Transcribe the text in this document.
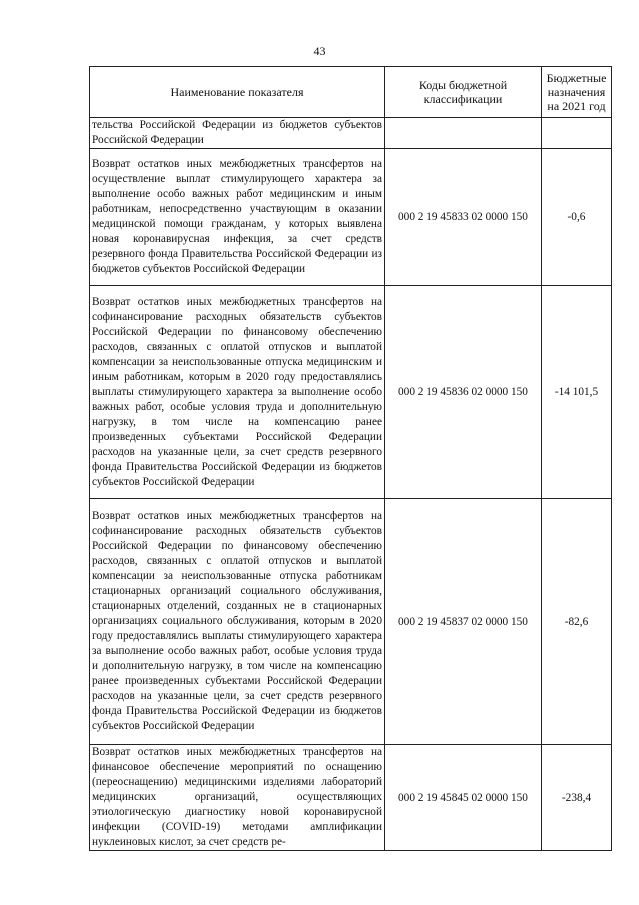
43
Наименование показателя	Коды бюджетной классификации	Бюджетные назначения на 2021 год
тельства Российской Федерации из бюджетов субъектов Российской Федерации		
Возврат остатков иных межбюджетных трансфертов на осуществление выплат стимулирующего характера за выполнение особо важных работ медицинским и иным работникам, непосредственно участвующим в оказании медицинской помощи гражданам, у которых выявлена новая коронавирусная инфекция, за счет средств резервного фонда Правительства Российской Федерации из бюджетов субъектов Российской Федерации	000 2 19 45833 02 0000 150	-0,6
Возврат остатков иных межбюджетных трансфертов на софинансирование расходных обязательств субъектов Российской Федерации по финансовому обеспечению расходов, связанных с оплатой отпусков и выплатой компенсации за неиспользованные отпуска медицинским и иным работникам, которым в 2020 году предоставлялись выплаты стимулирующего характера за выполнение особо важных работ, особые условия труда и дополнительную нагрузку, в том числе на компенсацию ранее произведенных субъектами Российской Федерации расходов на указанные цели, за счет средств резервного фонда Правительства Российской Федерации из бюджетов субъектов Российской Федерации	000 2 19 45836 02 0000 150	-14 101,5
Возврат остатков иных межбюджетных трансфертов на софинансирование расходных обязательств субъектов Российской Федерации по финансовому обеспечению расходов, связанных с оплатой отпусков и выплатой компенсации за неиспользованные отпуска работникам стационарных организаций социального обслуживания, стационарных отделений, созданных не в стационарных организациях социального обслуживания, которым в 2020 году предоставлялись выплаты стимулирующего характера за выполнение особо важных работ, особые условия труда и дополнительную нагрузку, в том числе на компенсацию ранее произведенных субъектами Российской Федерации расходов на указанные цели, за счет средств резервного фонда Правительства Российской Федерации из бюджетов субъектов Российской Федерации	000 2 19 45837 02 0000 150	-82,6
Возврат остатков иных межбюджетных трансфертов на финансовое обеспечение мероприятий по оснащению (переоснащению) медицинскими изделиями лабораторий медицинских организаций, осуществляющих этиологическую диагностику новой коронавирусной инфекции (COVID-19) методами амплификации нуклеиновых кислот, за счет средств ре-	000 2 19 45845 02 0000 150	-238,4
